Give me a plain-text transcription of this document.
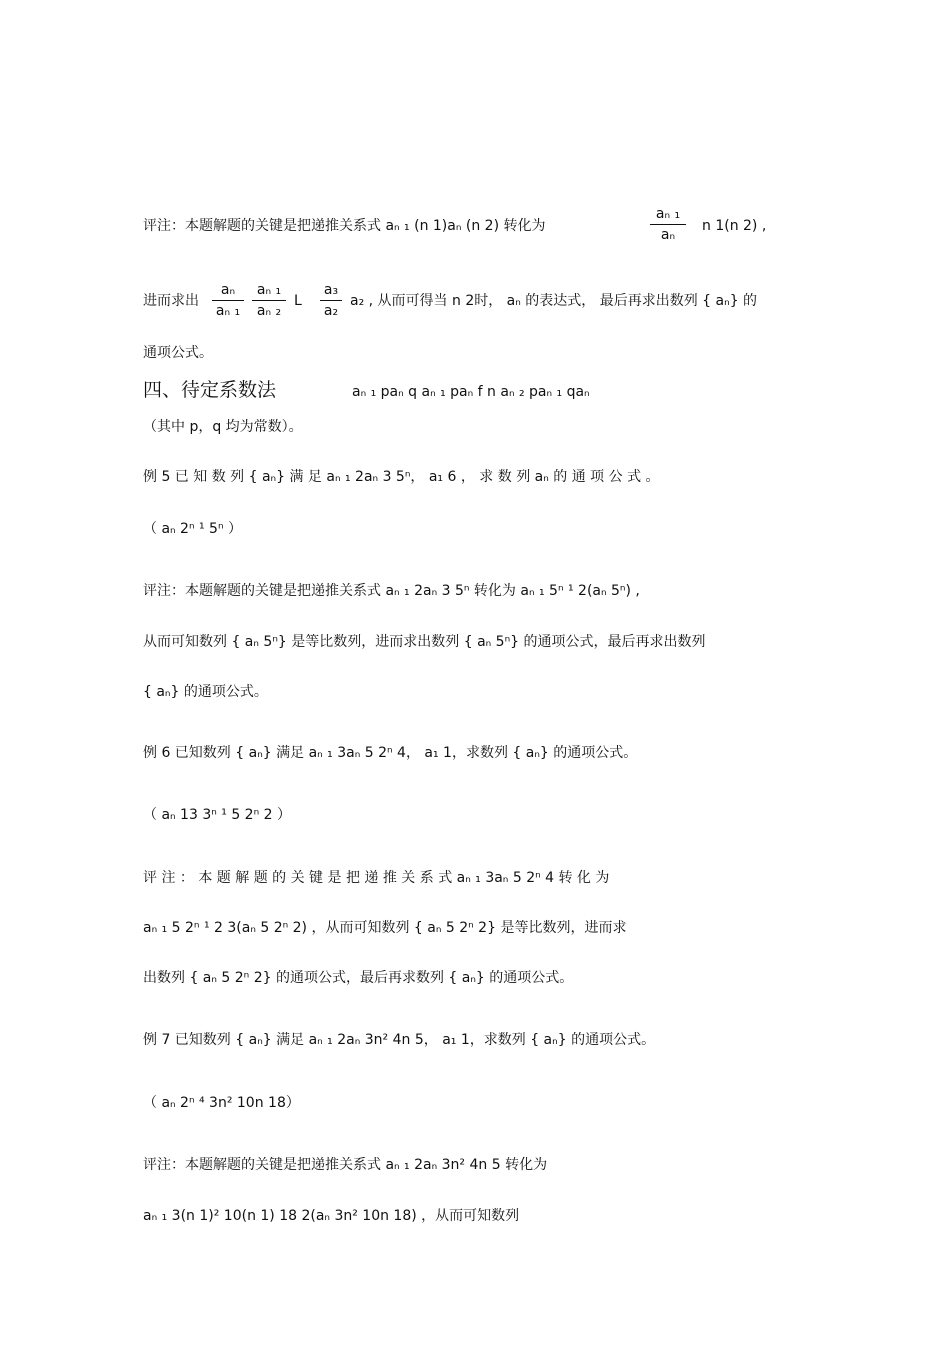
评注：本题解题的关键是把递推关系式 aₙ ₁ (n 1)aₙ (n 2) 转化为
aₙ ₁
aₙ
n 1(n 2) ,
进而求出
aₙ
aₙ ₁
aₙ ₁
aₙ ₂
L
a₃
a₂
a₂ , 从而可得当 n 2时， aₙ 的表达式， 最后再求出数列 { aₙ} 的
通项公式。
四、待定系数法	aₙ ₁ paₙ q aₙ ₁ paₙ f n aₙ ₂ paₙ ₁ qaₙ
（其中 p，q 均为常数）。
例 5 已 知 数 列 { aₙ} 满 足 aₙ ₁ 2aₙ 3 5ⁿ， a₁ 6 ， 求 数 列 aₙ 的 通 项 公 式 。
（ aₙ 2ⁿ ¹ 5ⁿ ）
评注：本题解题的关键是把递推关系式 aₙ ₁ 2aₙ 3 5ⁿ 转化为 aₙ ₁ 5ⁿ ¹ 2(aₙ 5ⁿ) ,
从而可知数列 { aₙ 5ⁿ} 是等比数列，进而求出数列 { aₙ 5ⁿ} 的通项公式，最后再求出数列
{ aₙ} 的通项公式。
例 6 已知数列 { aₙ} 满足 aₙ ₁ 3aₙ 5 2ⁿ 4， a₁ 1，求数列 { aₙ} 的通项公式。
（ aₙ 13 3ⁿ ¹ 5 2ⁿ 2 ）
评 注 ： 本 题 解 题 的 关 键 是 把 递 推 关 系 式 aₙ ₁ 3aₙ 5 2ⁿ 4 转 化 为
aₙ ₁ 5 2ⁿ ¹ 2 3(aₙ 5 2ⁿ 2) ，从而可知数列 { aₙ 5 2ⁿ 2} 是等比数列，进而求
出数列 { aₙ 5 2ⁿ 2} 的通项公式，最后再求数列 { aₙ} 的通项公式。
例 7 已知数列 { aₙ} 满足 aₙ ₁ 2aₙ 3n² 4n 5， a₁ 1，求数列 { aₙ} 的通项公式。
（ aₙ 2ⁿ ⁴ 3n² 10n 18）
评注：本题解题的关键是把递推关系式 aₙ ₁ 2aₙ 3n² 4n 5 转化为
aₙ ₁ 3(n 1)² 10(n 1) 18 2(aₙ 3n² 10n 18) ，从而可知数列
